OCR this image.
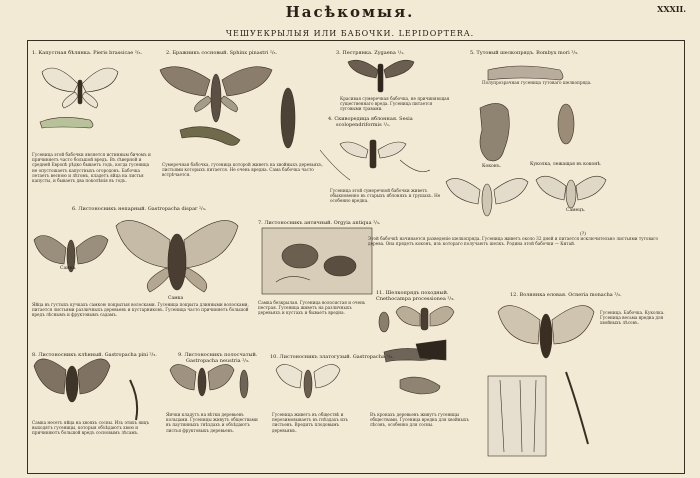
Насѣкомыя.	XXXII.
ЧЕШУЕКРЫЛЫЯ ИЛИ БАБОЧКИ. LEPIDOPTERA.
1. Капустная бѣлянка. Pieris brassicae ²/₃.	2. Бражникъ сосновый. Sphinx pinastri ²/₃.	3. Пестрянка. Zygaena ¹/₁.
4. Скиворедица яблонная. Sesia
scolopendriformis ¹/₁.
5. Тутовый шелкопрядъ. Bombyx mori ²/₃.
6. Листоносникъ непарный. Gastropacha dispar ²/₃.
7. Листоносникъ античный. Orgyia antiqua ²/₃.
11. Шелкопрядъ походный.
Cnethocampa processionea ²/₃.
12. Волнянка еловая. Ocneria monacha ²/₃.
8. Листоносникъ клѣнный. Gastropacha pini ²/₃.	9. Листоносникъ полосчатый.
Gastropacha neustria ²/₃.
10. Листоносникъ златогузый. Gastropacha ²/₃.
Коконъ.	Куколка, лежащая въ коконѣ.
Самка.
Самка
Самецъ.
(?)
Гусеница этой бабочки является истинным бичомъ и причиняетъ часто большой вредъ. Въ сѣверной и средней Европѣ рѣдко бываетъ годъ, когда гусеница не опустошаетъ капустныхъ огородовъ. Бабочка летаетъ весною и лѣтомъ, кладетъ яйца на листья капусты, и бываетъ два поколѣнія въ годъ.
Сумеречная бабочка, гусеница которой живетъ на хвойныхъ деревьяхъ, листьями которыхъ питается. Не очень вредна. Сама бабочка часто встрѣчается.
Красивая сумеречная бабочка, не причиняющая существеннаго вреда. Гусеница питается луговыми травами.
Гусеница этой сумеречной бабочки живетъ обыкновенно въ старыхъ яблоняхъ и грушахъ. Не особенно вредна.
Полупрозрачная гусеница тутоваго шелкопряда.
Этой бабочкѣ начинается разведеніе шелкопряда. Гусеница живетъ около 32 дней и питается исключительно листьями тутоваго дерева. Она прядетъ коконъ, изъ котораго получаютъ шелкъ. Родина этой бабочки — Китай.
Яйца въ густыхъ кучкахъ самкою покрытыя волосками. Гусеница покрыта длинными волосками, питается листьями различныхъ деревьевъ и кустарниковъ. Гусеница часто причиняетъ большой вредъ лѣснымъ и фруктовымъ садамъ.
Самка безкрылая. Гусеница волосистая и очень пестрая. Гусеница живетъ на различныхъ деревьяхъ и кустахъ и бываетъ вредна.
Въ кронахъ деревьевъ живутъ гусеницы обществами. Гусеница вредна для хвойныхъ лѣсовъ, особенно для сосны.
Гусеница. Бабочка. Куколка. Гусеница весьма вредна для хвойныхъ лѣсовъ.
Самка несетъ яйца на хвояхъ сосны. Изъ этихъ яицъ выходятъ гусеницы, которыя объѣдаютъ хвою и причиняютъ большой вредъ сосновымъ лѣсамъ.
Яички кладутъ на вѣтки деревьевъ кольцами. Гусеницы живутъ обществами въ паутинныхъ гнѣздахъ и объѣдаютъ листья фруктовыхъ деревьевъ.
Гусеница живетъ въ обществѣ и перезимовываетъ въ гнѣздахъ изъ листьевъ. Вредитъ плодовымъ деревьямъ.
